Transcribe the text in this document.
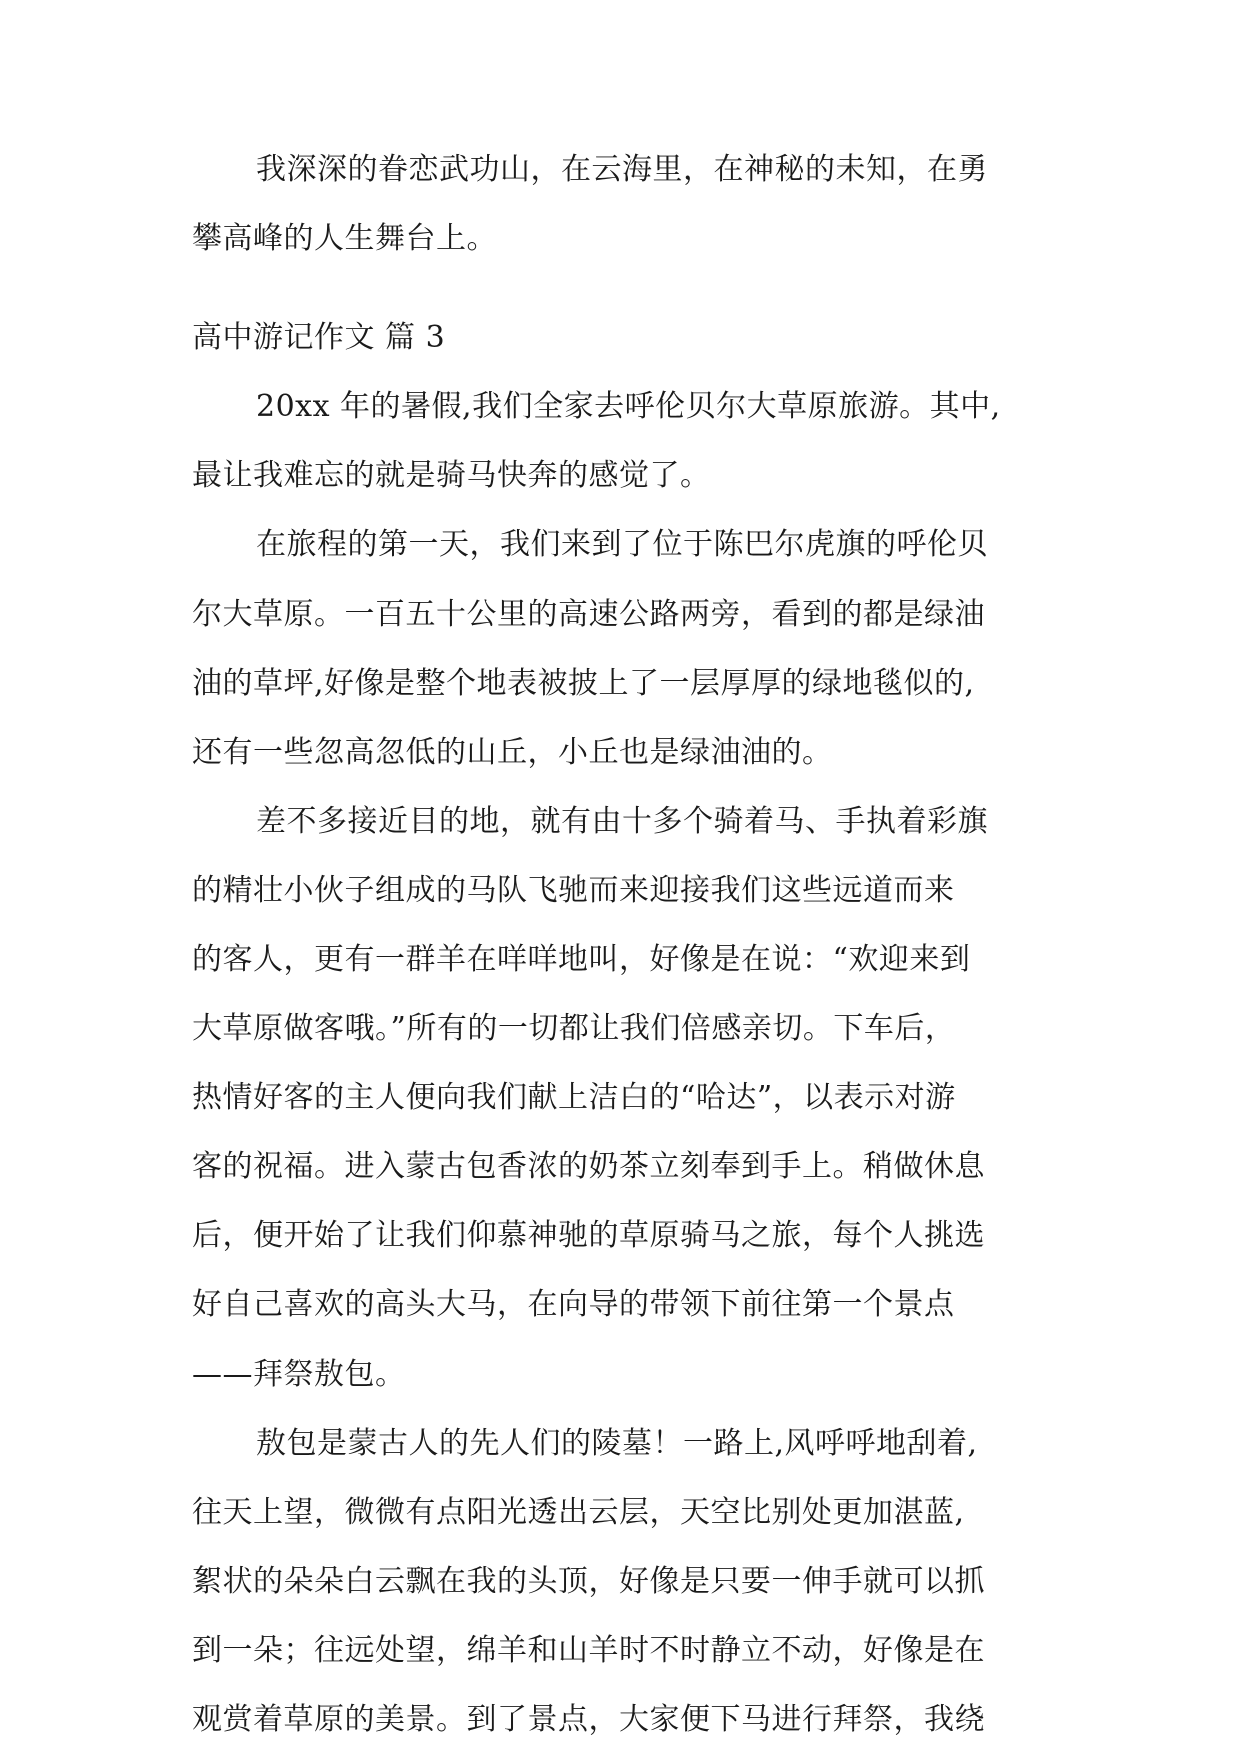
我深深的眷恋武功山，在云海里，在神秘的未知，在勇
攀高峰的人生舞台上。
高中游记作文 篇 3
20xx 年的暑假,我们全家去呼伦贝尔大草原旅游。其中,
最让我难忘的就是骑马快奔的感觉了。
在旅程的第一天，我们来到了位于陈巴尔虎旗的呼伦贝
尔大草原。一百五十公里的高速公路两旁，看到的都是绿油
油的草坪,好像是整个地表被披上了一层厚厚的绿地毯似的,
还有一些忽高忽低的山丘，小丘也是绿油油的。
差不多接近目的地，就有由十多个骑着马、手执着彩旗
的精壮小伙子组成的马队飞驰而来迎接我们这些远道而来
的客人，更有一群羊在咩咩地叫，好像是在说：“欢迎来到
大草原做客哦。”所有的一切都让我们倍感亲切。下车后，
热情好客的主人便向我们献上洁白的“哈达”，以表示对游
客的祝福。进入蒙古包香浓的奶茶立刻奉到手上。稍做休息
后，便开始了让我们仰慕神驰的草原骑马之旅，每个人挑选
好自己喜欢的高头大马，在向导的带领下前往第一个景点
——拜祭敖包。
敖包是蒙古人的先人们的陵墓！一路上,风呼呼地刮着,
往天上望，微微有点阳光透出云层，天空比别处更加湛蓝,
絮状的朵朵白云飘在我的头顶，好像是只要一伸手就可以抓
到一朵；往远处望，绵羊和山羊时不时静立不动，好像是在
观赏着草原的美景。到了景点，大家便下马进行拜祭，我绕
